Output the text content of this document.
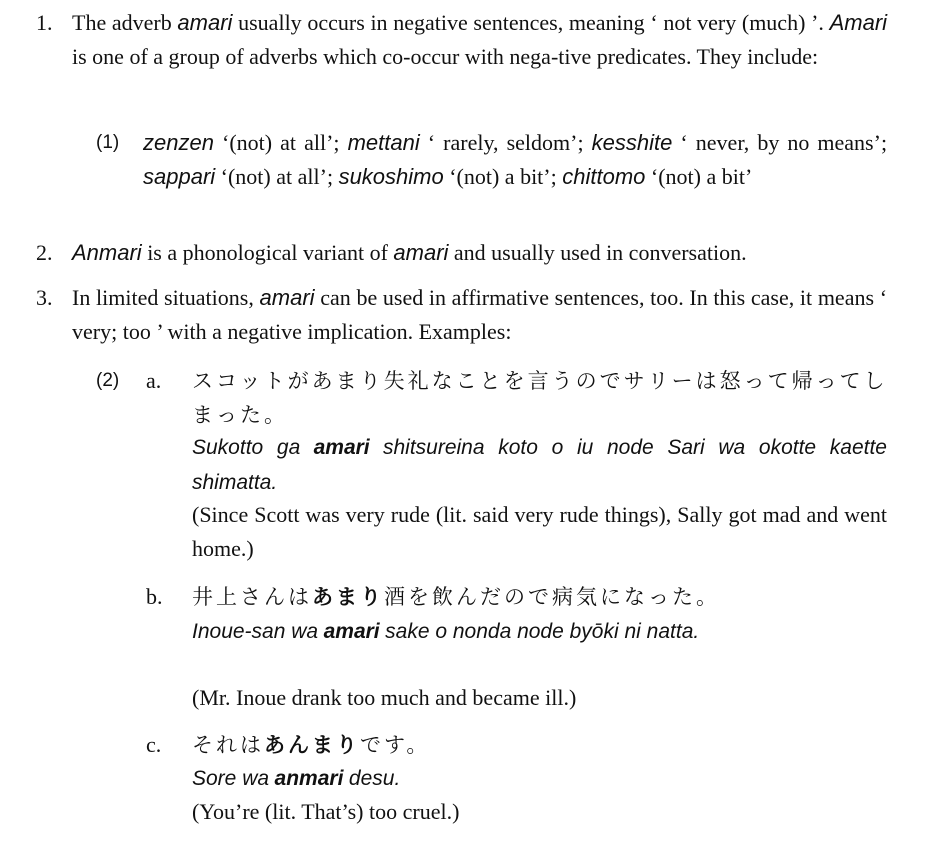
1. The adverb amari usually occurs in negative sentences, meaning ‘ not very (much) ’. Amari is one of a group of adverbs which co-occur with nega-tive predicates. They include:
(1) zenzen ‘(not) at all’; mettani ‘ rarely, seldom’; kesshite ‘ never, by no means’; sappari ‘(not) at all’; sukoshimo ‘(not) a bit’; chittomo ‘(not) a bit’
2. Anmari is a phonological variant of amari and usually used in conversation.
3. In limited situations, amari can be used in affirmative sentences, too. In this case, it means ‘ very; too ’ with a negative implication. Examples:
(2) a. スコットがあまり失礼なことを言うのでサリーは怒って帰ってし
まった。
Sukotto ga amari shitsureina koto o iu node Sari wa okotte kaette shimatta.
(Since Scott was very rude (lit. said very rude things), Sally got mad and went home.)
b. 井上さんはあまり酒を飲んだので病気になった。
Inoue-san wa amari sake o nonda node byōki ni natta.
(Mr. Inoue drank too much and became ill.)
c. それはあんまりです。
Sore wa anmari desu.
(You’re (lit. That’s) too cruel.)
